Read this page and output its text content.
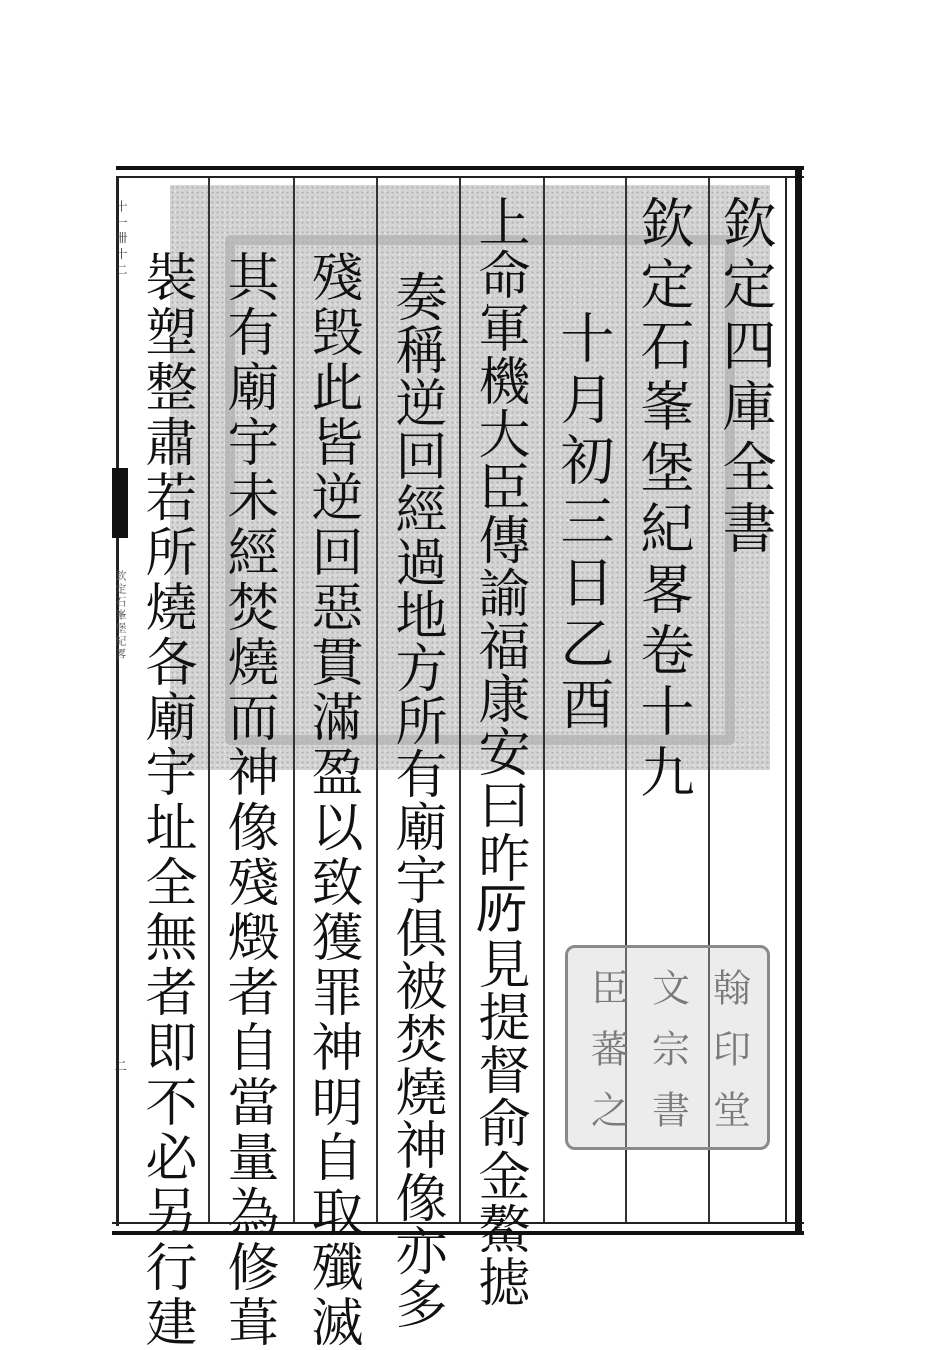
十 一 卌 十 二
欽定石峯堡紀畧
二
欽定四庫全書
欽定石峯堡紀畧卷十九
十月初三日乙酉
上命軍機大臣傳諭福康安曰昨𠩄見提督俞金鰲摅
奏稱逆回經過地方所有廟宇俱被焚燒神像亦多
殘毁此皆逆回惡貫滿盈以致獲罪神明自取殲滅
其有廟宇未經焚燒而神像殘燬者自當量為修葺
裝塑整肅若所燒各廟宇址全無者即不必另行建	臣 文 翰
蕃 宗 印
之 書 堂
